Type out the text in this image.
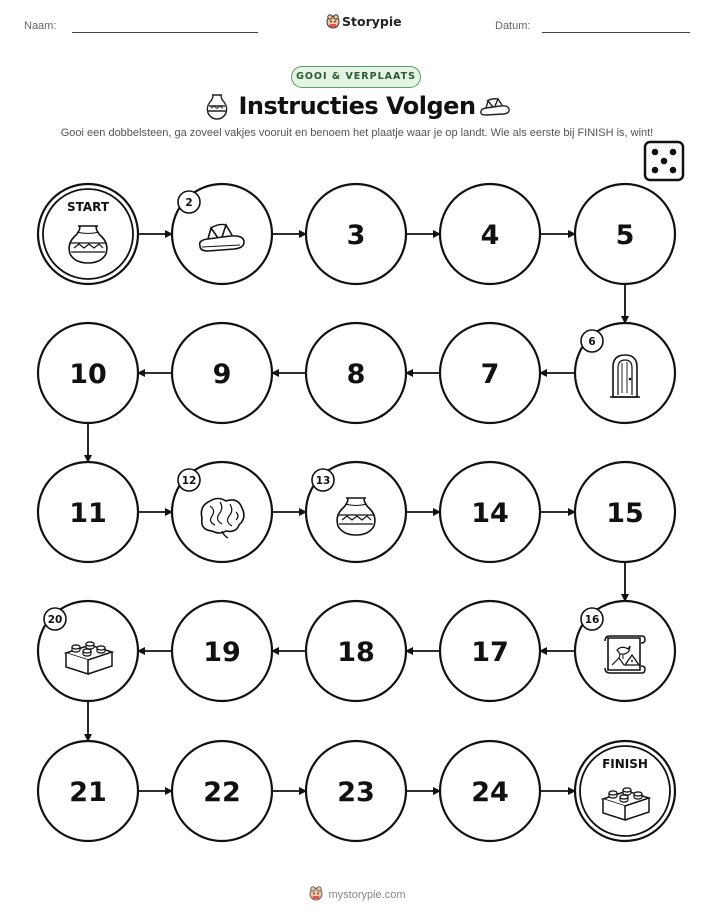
Naam:	Storypie	Datum:
GOOI & VERPLAATS
Instructies Volgen
Gooi een dobbelsteen, ga zoveel vakjes vooruit en benoem het plaatje waar je op landt. Wie als eerste bij FINISH is, wint!
START	2
3	4	5
6
7
8
9
10
11
12	13
14	15
16
17
18
19
20
21	22	23	24
FINISH
mystorypie.com
